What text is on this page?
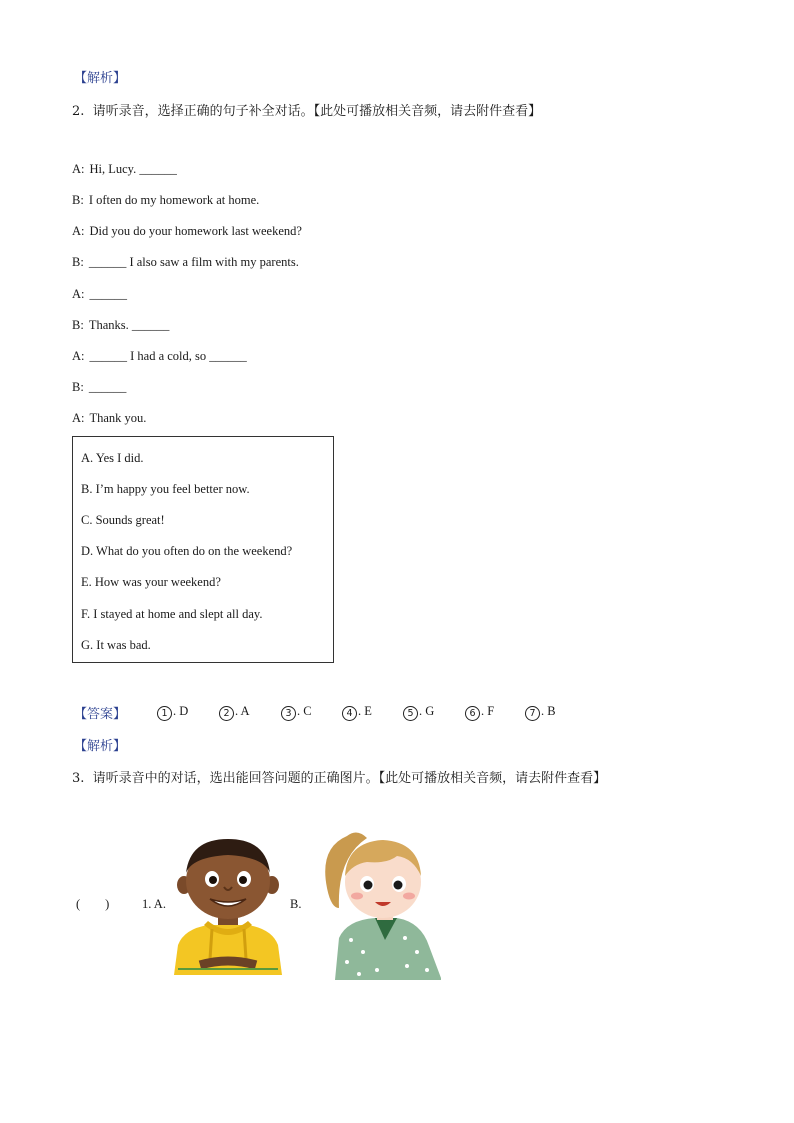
【解析】
2. 请听录音，选择正确的句子补全对话。【此处可播放相关音频，请去附件查看】
A: Hi, Lucy. ______
B: I often do my homework at home.
A: Did you do your homework last weekend?
B: ______ I also saw a film with my parents.
A: ______
B: Thanks. ______
A: ______ I had a cold, so ______
B: ______
A: Thank you.
A. Yes I did.
B. I’m happy you feel better now.
C. Sounds great!
D. What do you often do on the weekend?
E. How was your weekend?
F. I stayed at home and slept all day.
G. It was bad.
【答案】	1 . D	2 . A	3 . C	4 . E	5 . G	6 . F	7 . B
【解析】
3. 请听录音中的对话，选出能回答问题的正确图片。【此处可播放相关音频，请去附件查看】
(        )	1. A.	B.
